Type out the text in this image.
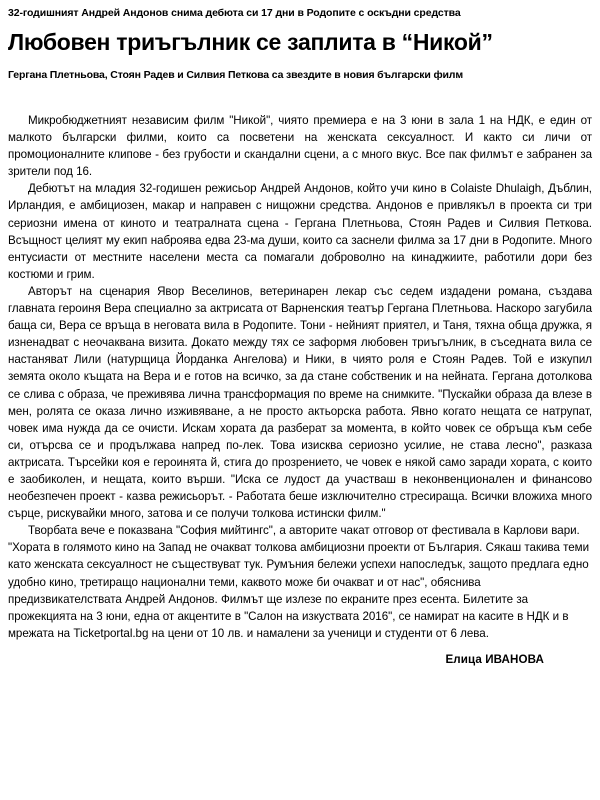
32-годишният Андрей Андонов снима дебюта си 17 дни в Родопите с оскъдни средства
Любовен триъгълник се заплита в “Никой”
Гергана Плетньова, Стоян Радев и Силвия Петкова са звездите в новия български филм

Микробюджетният независим филм "Никой", чиято премиера е на 3 юни в зала 1 на НДК, е един от малкото български филми, които са посветени на женската сексуалност. И както си личи от промоционалните клипове - без грубости и скандални сцени, а с много вкус. Все пак филмът е забранен за зрители под 16.

Дебютът на младия 32-годишен режисьор Андрей Андонов, който учи кино в Colaiste Dhulaigh, Дъблин, Ирландия, е амбициозен, макар и направен с нищожни средства. Андонов е привлякъл в проекта си три сериозни имена от киното и театралната сцена - Гергана Плетньова, Стоян Радев и Силвия Петкова. Всъщност целият му екип наброява едва 23-ма души, които са заснели филма за 17 дни в Родопите. Много ентусиасти от местните населени места са помагали доброволно на кинаджиите, работили дори без костюми и грим.

Авторът на сценария Явор Веселинов, ветеринарен лекар със седем издадени романа, създава главната героиня Вера специално за актрисата от Варненския театър Гергана Плетньова. Наскоро загубила баща си, Вера се връща в неговата вила в Родопите. Тони - нейният приятел, и Таня, тяхна обща дружка, я изненадват с неочаквана визита. Докато между тях се заформя любовен триъгълник, в съседната вила се настаняват Лили (натурщица Йорданка Ангелова) и Ники, в чиято роля е Стоян Радев. Той е изкупил земята около къщата на Вера и е готов на всичко, за да стане собственик и на нейната. Гергана дотолкова се слива с образа, че преживява лична трансформация по време на снимките. "Пускайки образа да влезе в мен, ролята се оказа лично изживяване, а не просто актьорска работа. Явно когато нещата се натрупат, човек има нужда да се очисти. Искам хората да разберат за момента, в който човек се обръща към себе си, отърсва се и продължава напред по-лек. Това изисква сериозно усилие, не става лесно", разказа актрисата. Търсейки коя е героинята й, стига до прозрението, че човек е някой само заради хората, с които е заобиколен, и нещата, които върши. "Иска се лудост да участваш в неконвенционален и финансово необезпечен проект - казва режисьорът. - Работата беше изключително стресираща. Всички вложиха много сърце, рискувайки много, затова и се получи толкова истински филм."

Творбата вече е показвана "София мийтингс", а авторите чакат отговор от фестивала в Карлови вари. "Хората в голямото кино на Запад не очакват толкова амбициозни проекти от България. Сякаш такива теми като женската сексуалност не съществуват тук. Румъния бележи успехи напоследък, защото предлага едно удобно кино, третиращо национални теми, каквото може би очакват и от нас", обяснива предизвикателствата Андрей Андонов. Филмът ще излезе по екраните през есента. Билетите за прожекцията на 3 юни, една от акцентите в "Салон на изкуствата 2016", се намират на касите в НДК и в мрежата на Ticketportal.bg на цени от 10 лв. и намалени за ученици и студенти от 6 лева.

Елица ИВАНОВА
